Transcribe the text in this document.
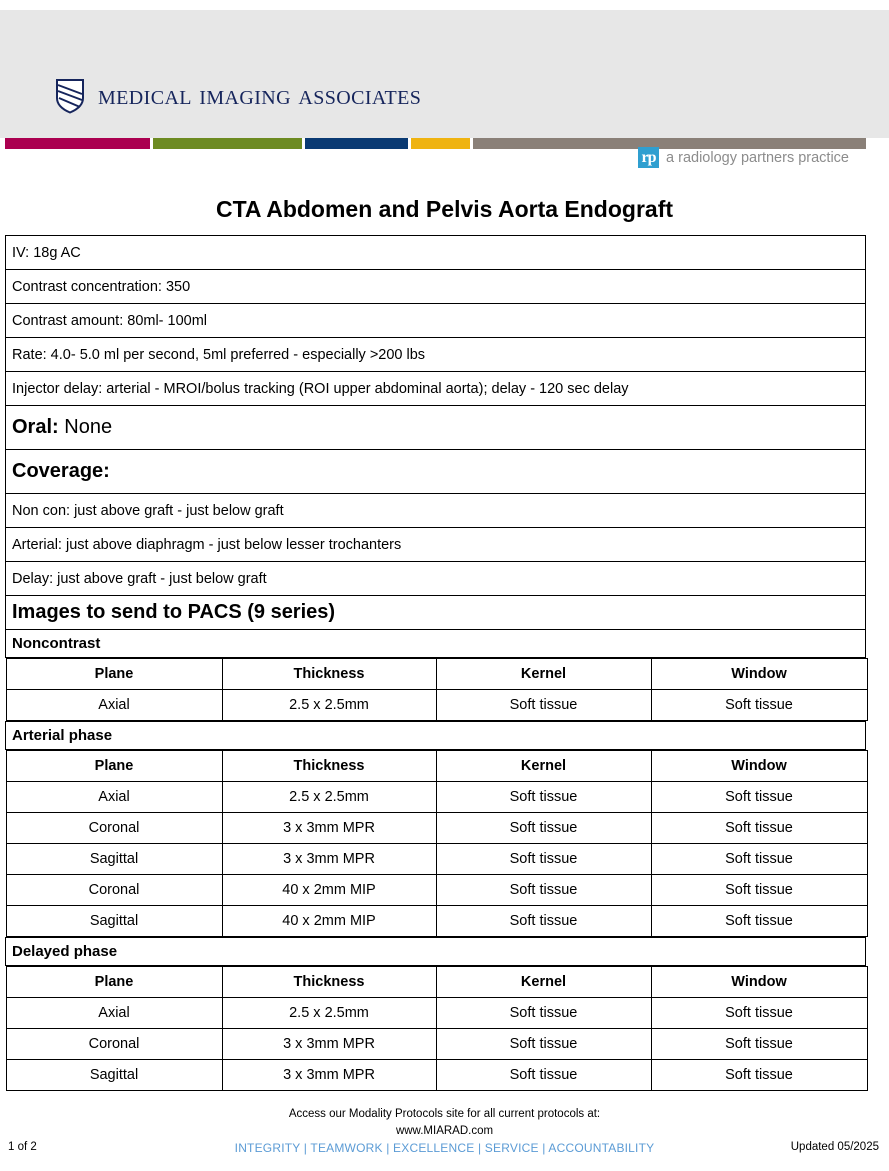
medical imaging associates
rp a radiology partners practice
CTA Abdomen and Pelvis Aorta Endograft
IV: 18g AC
Contrast concentration: 350
Contrast amount: 80ml- 100ml
Rate: 4.0- 5.0 ml per second, 5ml preferred - especially >200 lbs
Injector delay: arterial - MROI/bolus tracking (ROI upper abdominal aorta); delay - 120 sec delay
Oral: None
Coverage:
Non con: just above graft - just below graft
Arterial: just above diaphragm - just below lesser trochanters
Delay: just above graft - just below graft
Images to send to PACS (9 series)
Noncontrast

Plane	Thickness	Kernel	Window
Axial	2.5 x 2.5mm	Soft tissue	Soft tissue

Arterial phase

Plane	Thickness	Kernel	Window
Axial	2.5 x 2.5mm	Soft tissue	Soft tissue
Coronal	3 x 3mm MPR	Soft tissue	Soft tissue
Sagittal	3 x 3mm MPR	Soft tissue	Soft tissue
Coronal	40 x 2mm MIP	Soft tissue	Soft tissue
Sagittal	40 x 2mm MIP	Soft tissue	Soft tissue

Delayed phase

Plane	Thickness	Kernel	Window
Axial	2.5 x 2.5mm	Soft tissue	Soft tissue
Coronal	3 x 3mm MPR	Soft tissue	Soft tissue
Sagittal	3 x 3mm MPR	Soft tissue	Soft tissue
Access our Modality Protocols site for all current protocols at:
www.MIARAD.com
INTEGRITY | TEAMWORK | EXCELLENCE | SERVICE | ACCOUNTABILITY
1 of 2	Updated 05/2025
